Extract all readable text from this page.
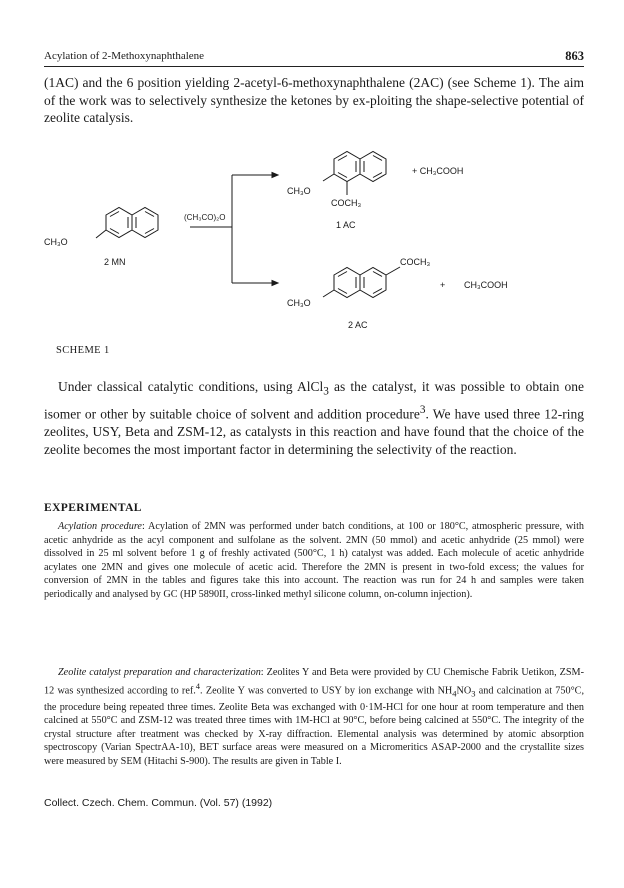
Acylation of 2-Methoxynaphthalene	863

(1AC) and the 6 position yielding 2-acetyl-6-methoxynaphthalene (2AC) (see Scheme 1). The aim of the work was to selectively synthesize the ketones by ex-ploiting the shape-selective potential of zeolite catalysis.

CH₃O
2 MN
(CH₃CO)₂O
CH₃O
COCH₃
1 AC
+ CH₃COOH
CH₃O
COCH₃
2 AC
+ CH₃COOH

SCHEME 1

Under classical catalytic conditions, using AlCl$_3$ as the catalyst, it was possible to obtain one isomer or other by suitable choice of solvent and addition procedure$^3$. We have used three 12-ring zeolites, USY, Beta and ZSM-12, as catalysts in this reaction and have found that the choice of the zeolite becomes the most important factor in determining the selectivity of the reaction.

EXPERIMENTAL

Acylation procedure: Acylation of 2MN was performed under batch conditions, at 100 or 180°C, atmospheric pressure, with acetic anhydride as the acyl component and sulfolane as the solvent. 2MN (50 mmol) and acetic anhydride (25 mmol) were dissolved in 25 ml solvent before 1 g of freshly activated (500°C, 1 h) catalyst was added. Each molecule of acetic anhydride acylates one 2MN and gives one molecule of acetic acid. Therefore the 2MN is present in two-fold excess; the values for conversion of 2MN in the tables and figures take this into account. The reaction was run for 24 h and samples were taken periodically and analysed by GC (HP 5890II, cross-linked methyl silicone column, on-column injection).

Zeolite catalyst preparation and characterization: Zeolites Y and Beta were provided by CU Chemische Fabrik Uetikon, ZSM-12 was synthesized according to ref.$^4$. Zeolite Y was converted to USY by ion exchange with $NH_4NO_3$ and calcination at 750°C, the procedure being repeated three times. Zeolite Beta was exchanged with 0·1M-HCl for one hour at room temperature and then calcined at 550°C and ZSM-12 was treated three times with 1M-HCl at 90°C, before being calcined at 550°C. The integrity of the crystal structure after treatment was checked by X-ray diffraction. Elemental analysis was determined by atomic absorption spectroscopy (Varian SpectrAA-10), BET surface areas were measured on a Micromeritics ASAP-2000 and the crystallite sizes were measured by SEM (Hitachi S-900). The results are given in Table I.

Collect. Czech. Chem. Commun. (Vol. 57) (1992)
